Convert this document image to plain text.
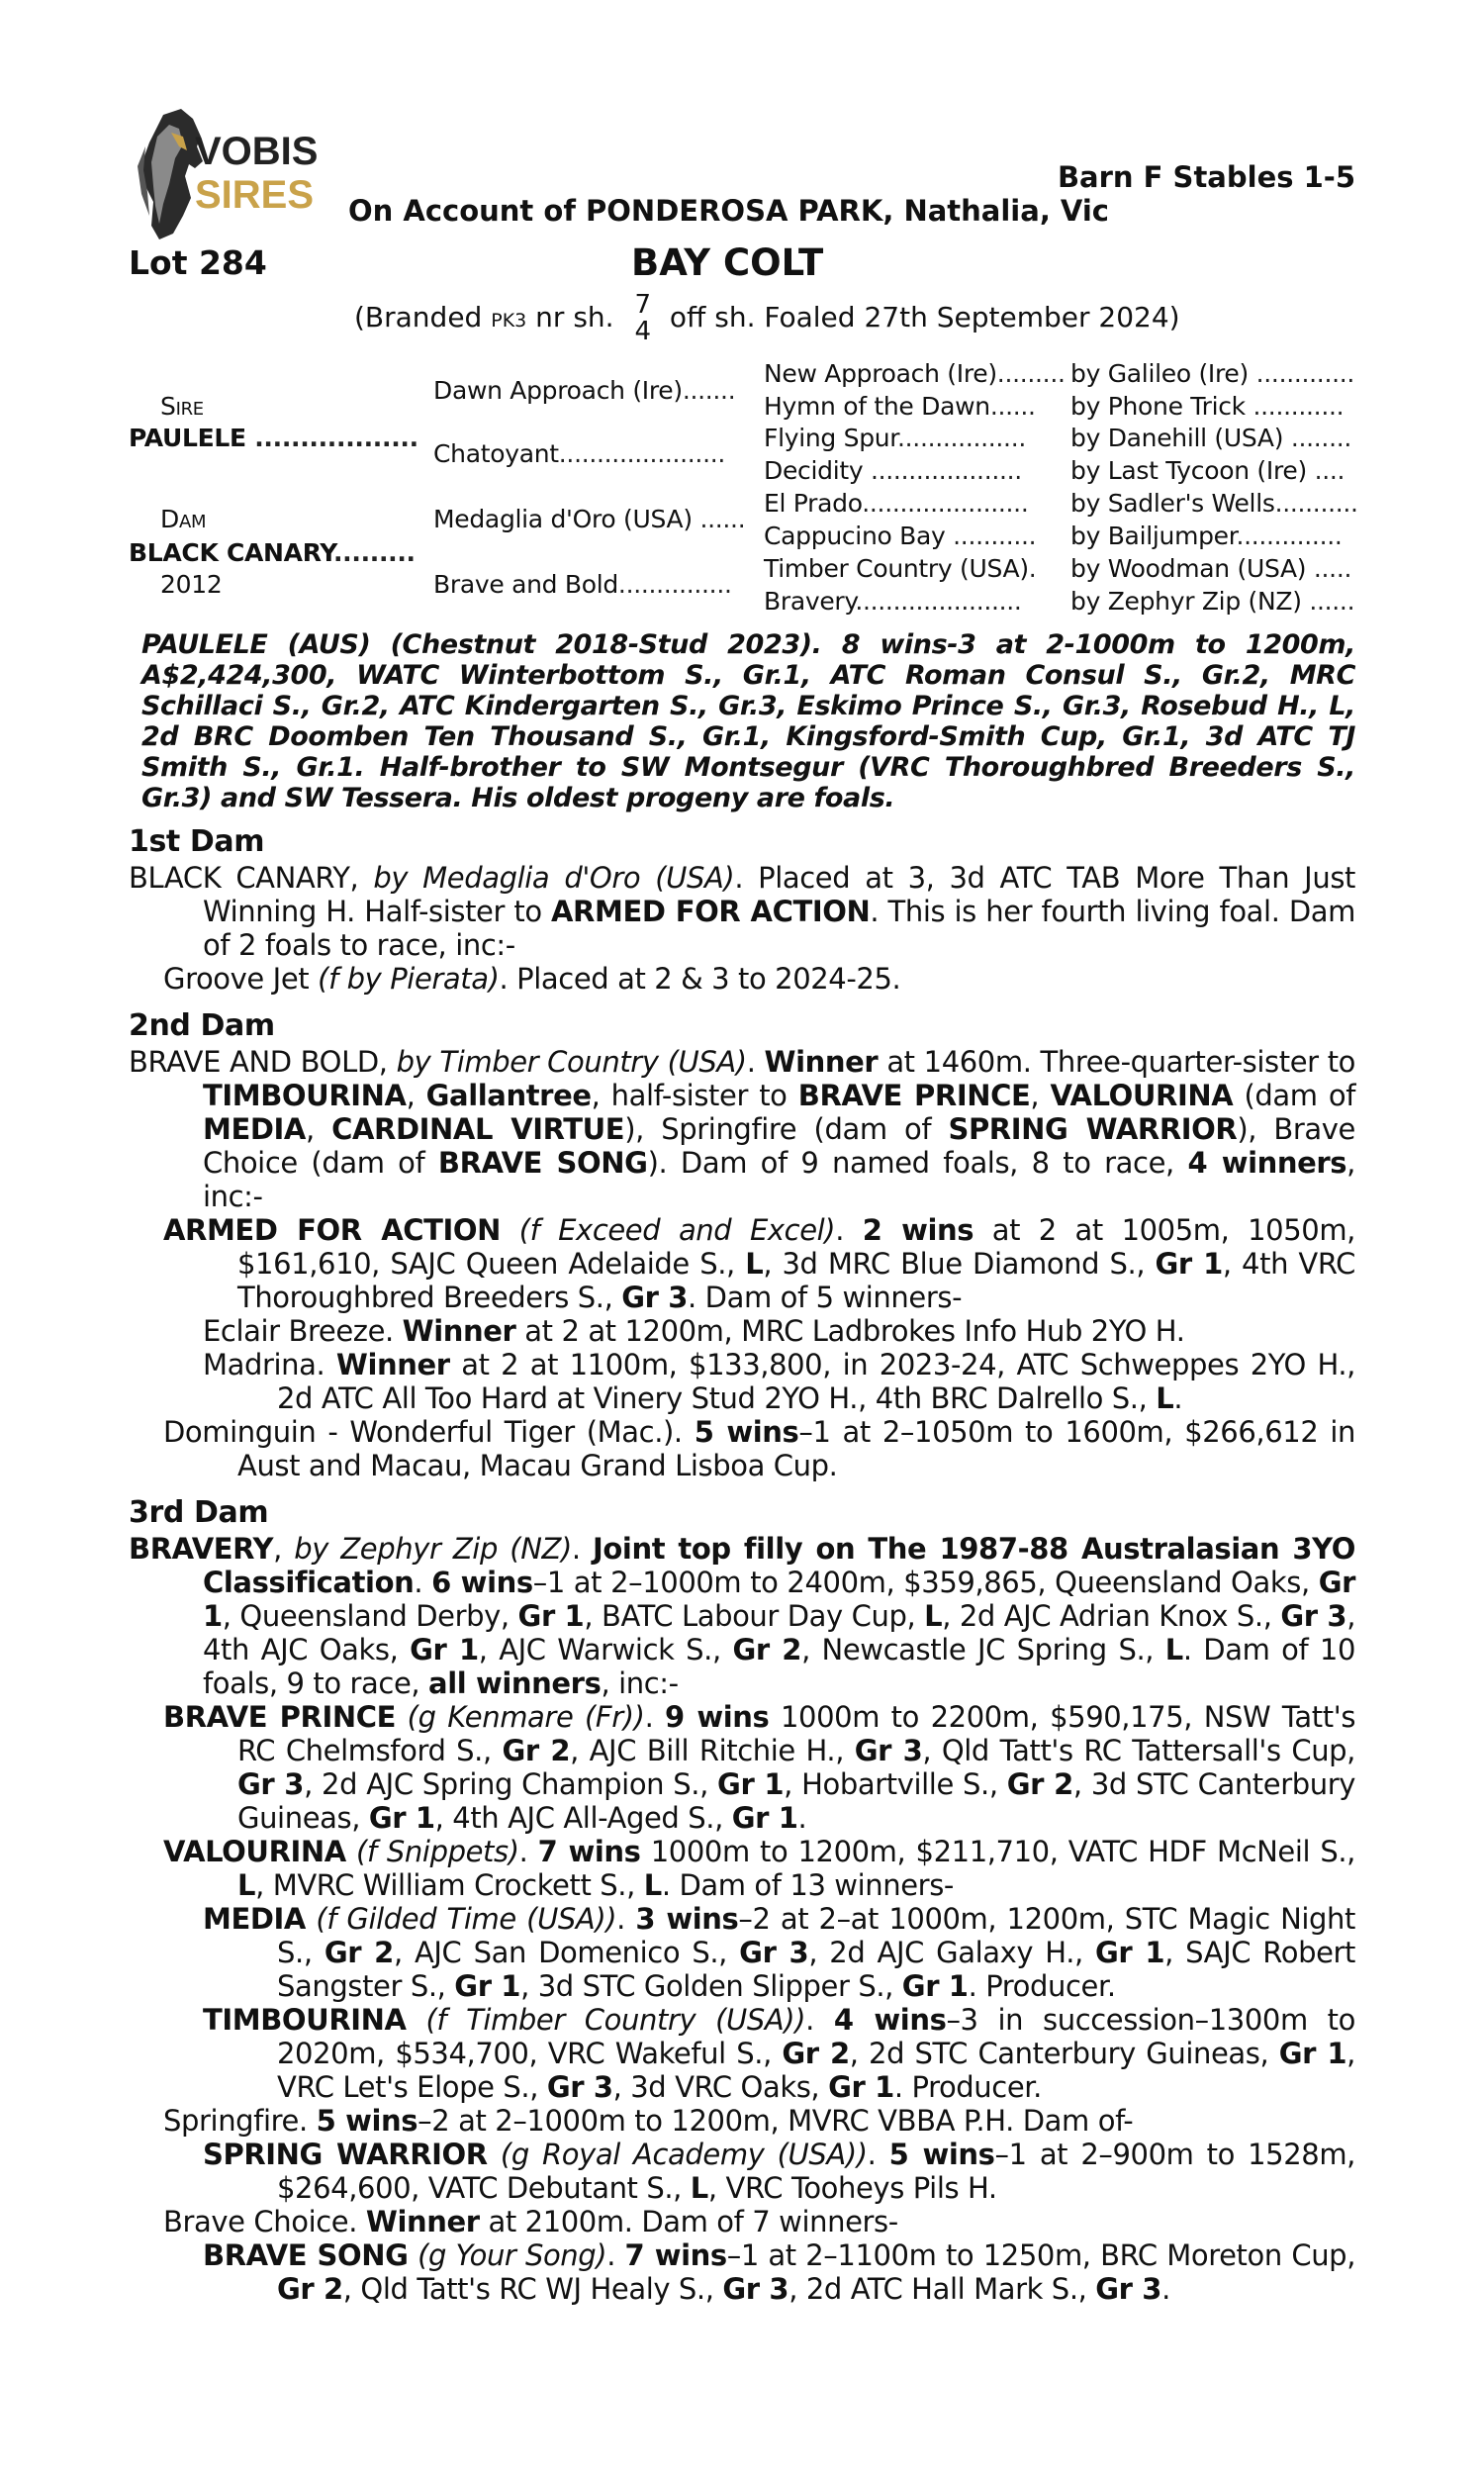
VOBIS
SIRES	Barn F Stables 1-5
On Account of PONDEROSA PARK, Nathalia, Vic
Lot 284	BAY COLT
(Branded PK3 nr sh. 7
4 off sh. Foaled 27th September 2024)
Sire
PAULELE ..................
Dam
BLACK CANARY.........
2012
Dawn Approach (Ire).......
Chatoyant......................
Medaglia d'Oro (USA) ......
Brave and Bold...............
New Approach (Ire).........
Hymn of the Dawn......
Flying Spur.................
Decidity ....................
El Prado......................
Cappucino Bay ...........
Timber Country (USA).
Bravery......................
by Galileo (Ire) .............
by Phone Trick ............
by Danehill (USA) ........
by Last Tycoon (Ire) ....
by Sadler's Wells...........
by Bailjumper..............
by Woodman (USA) .....
by Zephyr Zip (NZ) ......
PAULELE (AUS) (Chestnut 2018-Stud 2023). 8 wins-3 at 2-1000m to 1200m, A$2,424,300, WATC Winterbottom S., Gr.1, ATC Roman Consul S., Gr.2, MRC Schillaci S., Gr.2, ATC Kindergarten S., Gr.3, Eskimo Prince S., Gr.3, Rosebud H., L, 2d BRC Doomben Ten Thousand S., Gr.1, Kingsford-Smith Cup, Gr.1, 3d ATC TJ Smith S., Gr.1. Half-brother to SW Montsegur (VRC Thoroughbred Breeders S., Gr.3) and SW Tessera. His oldest progeny are foals.
1st Dam
BLACK CANARY, by Medaglia d'Oro (USA). Placed at 3, 3d ATC TAB More Than Just Winning H. Half-sister to ARMED FOR ACTION. This is her fourth living foal. Dam of 2 foals to race, inc:-
Groove Jet (f by Pierata). Placed at 2 & 3 to 2024-25.
2nd Dam
BRAVE AND BOLD, by Timber Country (USA). Winner at 1460m. Three-quarter-sister to TIMBOURINA, Gallantree, half-sister to BRAVE PRINCE, VALOURINA (dam of MEDIA, CARDINAL VIRTUE), Springfire (dam of SPRING WARRIOR), Brave Choice (dam of BRAVE SONG). Dam of 9 named foals, 8 to race, 4 winners, inc:-
ARMED FOR ACTION (f Exceed and Excel). 2 wins at 2 at 1005m, 1050m, $161,610, SAJC Queen Adelaide S., L, 3d MRC Blue Diamond S., Gr 1, 4th VRC Thoroughbred Breeders S., Gr 3. Dam of 5 winners-
Eclair Breeze. Winner at 2 at 1200m, MRC Ladbrokes Info Hub 2YO H.
Madrina. Winner at 2 at 1100m, $133,800, in 2023-24, ATC Schweppes 2YO H., 2d ATC All Too Hard at Vinery Stud 2YO H., 4th BRC Dalrello S., L.
Dominguin - Wonderful Tiger (Mac.). 5 wins–1 at 2–1050m to 1600m, $266,612 in Aust and Macau, Macau Grand Lisboa Cup.
3rd Dam
BRAVERY, by Zephyr Zip (NZ). Joint top filly on The 1987-88 Australasian 3YO Classification. 6 wins–1 at 2–1000m to 2400m, $359,865, Queensland Oaks, Gr 1, Queensland Derby, Gr 1, BATC Labour Day Cup, L, 2d AJC Adrian Knox S., Gr 3, 4th AJC Oaks, Gr 1, AJC Warwick S., Gr 2, Newcastle JC Spring S., L. Dam of 10 foals, 9 to race, all winners, inc:-
BRAVE PRINCE (g Kenmare (Fr)). 9 wins 1000m to 2200m, $590,175, NSW Tatt's RC Chelmsford S., Gr 2, AJC Bill Ritchie H., Gr 3, Qld Tatt's RC Tattersall's Cup, Gr 3, 2d AJC Spring Champion S., Gr 1, Hobartville S., Gr 2, 3d STC Canterbury Guineas, Gr 1, 4th AJC All-Aged S., Gr 1.
VALOURINA (f Snippets). 7 wins 1000m to 1200m, $211,710, VATC HDF McNeil S., L, MVRC William Crockett S., L. Dam of 13 winners-
MEDIA (f Gilded Time (USA)). 3 wins–2 at 2–at 1000m, 1200m, STC Magic Night S., Gr 2, AJC San Domenico S., Gr 3, 2d AJC Galaxy H., Gr 1, SAJC Robert Sangster S., Gr 1, 3d STC Golden Slipper S., Gr 1. Producer.
TIMBOURINA (f Timber Country (USA)). 4 wins–3 in succession–1300m to 2020m, $534,700, VRC Wakeful S., Gr 2, 2d STC Canterbury Guineas, Gr 1, VRC Let's Elope S., Gr 3, 3d VRC Oaks, Gr 1. Producer.
Springfire. 5 wins–2 at 2–1000m to 1200m, MVRC VBBA P.H. Dam of-
SPRING WARRIOR (g Royal Academy (USA)). 5 wins–1 at 2–900m to 1528m, $264,600, VATC Debutant S., L, VRC Tooheys Pils H.
Brave Choice. Winner at 2100m. Dam of 7 winners-
BRAVE SONG (g Your Song). 7 wins–1 at 2–1100m to 1250m, BRC Moreton Cup, Gr 2, Qld Tatt's RC WJ Healy S., Gr 3, 2d ATC Hall Mark S., Gr 3.
